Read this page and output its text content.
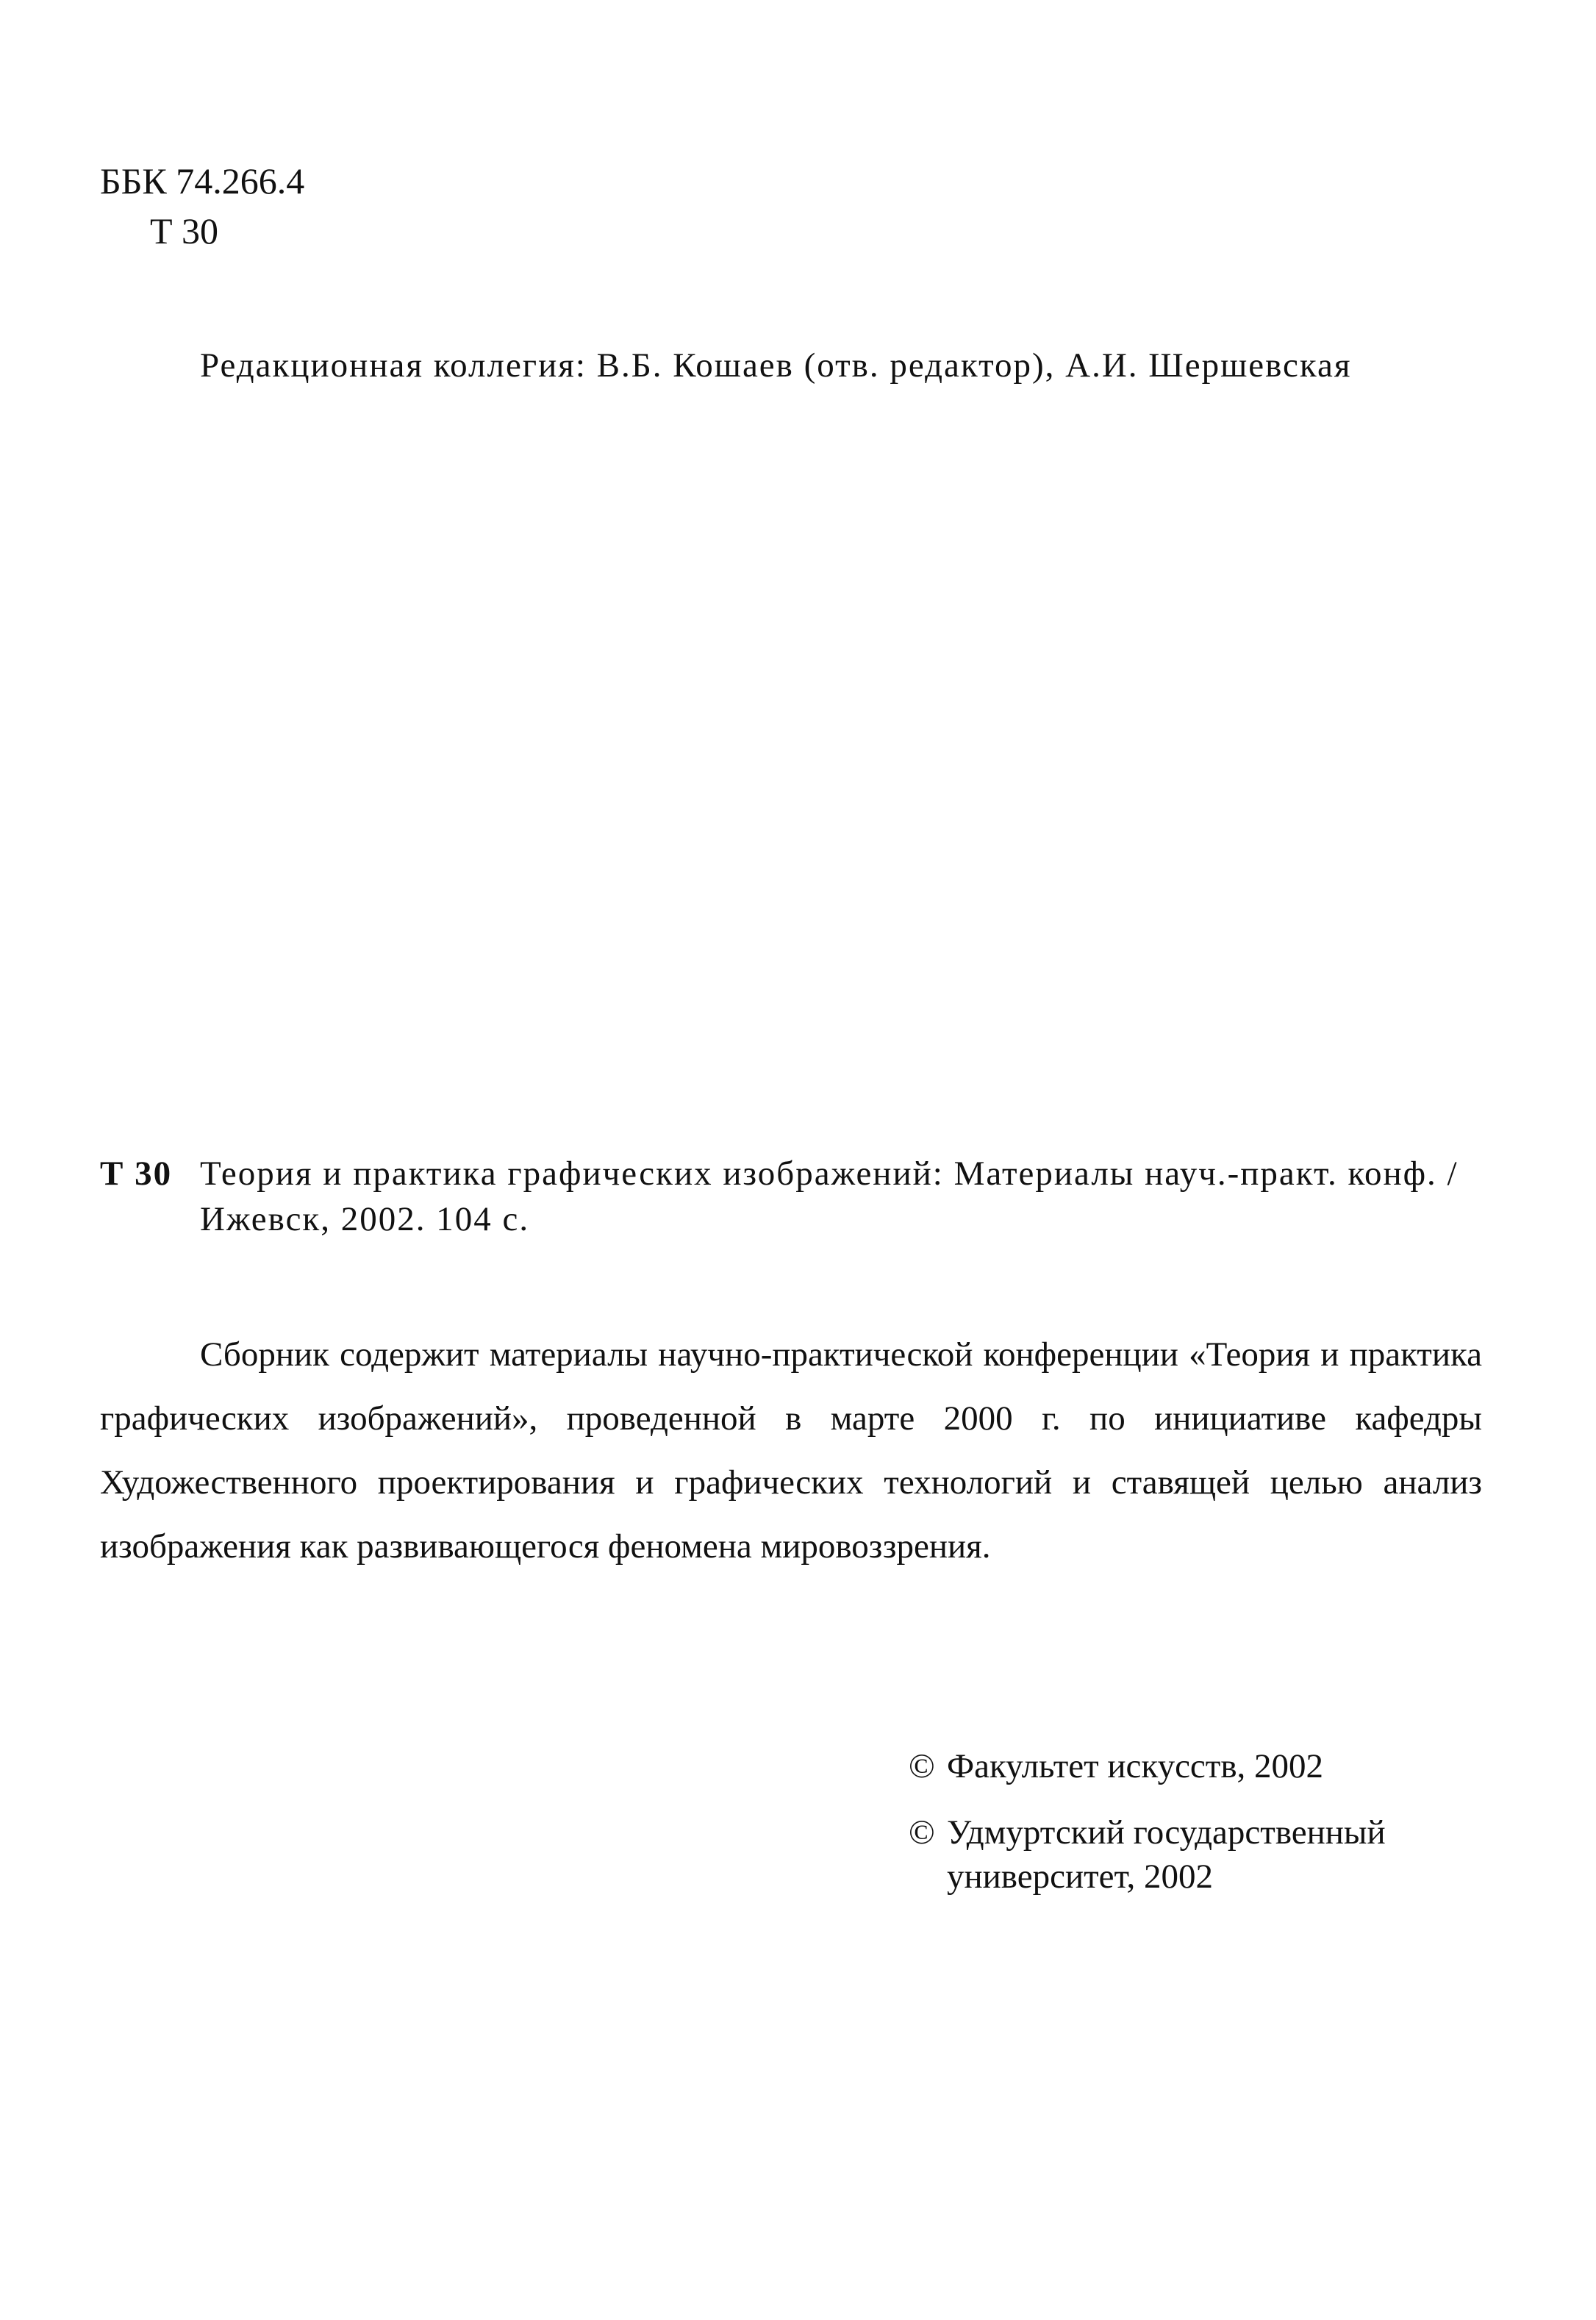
ББК 74.266.4
Т 30
Редакционная коллегия: В.Б. Кошаев (отв. редактор), А.И. Шершевская
Т 30 Теория и практика графических изображений: Материалы науч.-практ. конф. / Ижевск, 2002. 104 с.

Сборник содержит материалы научно-практической конференции «Теория и практика графических изображений», проведенной в марте 2000 г. по инициативе кафедры Художественного проектирования и графических технологий и ставящей целью анализ изображения как развивающегося феномена мировоззрения.

© Факультет искусств, 2002
© Удмуртский государственный университет, 2002
